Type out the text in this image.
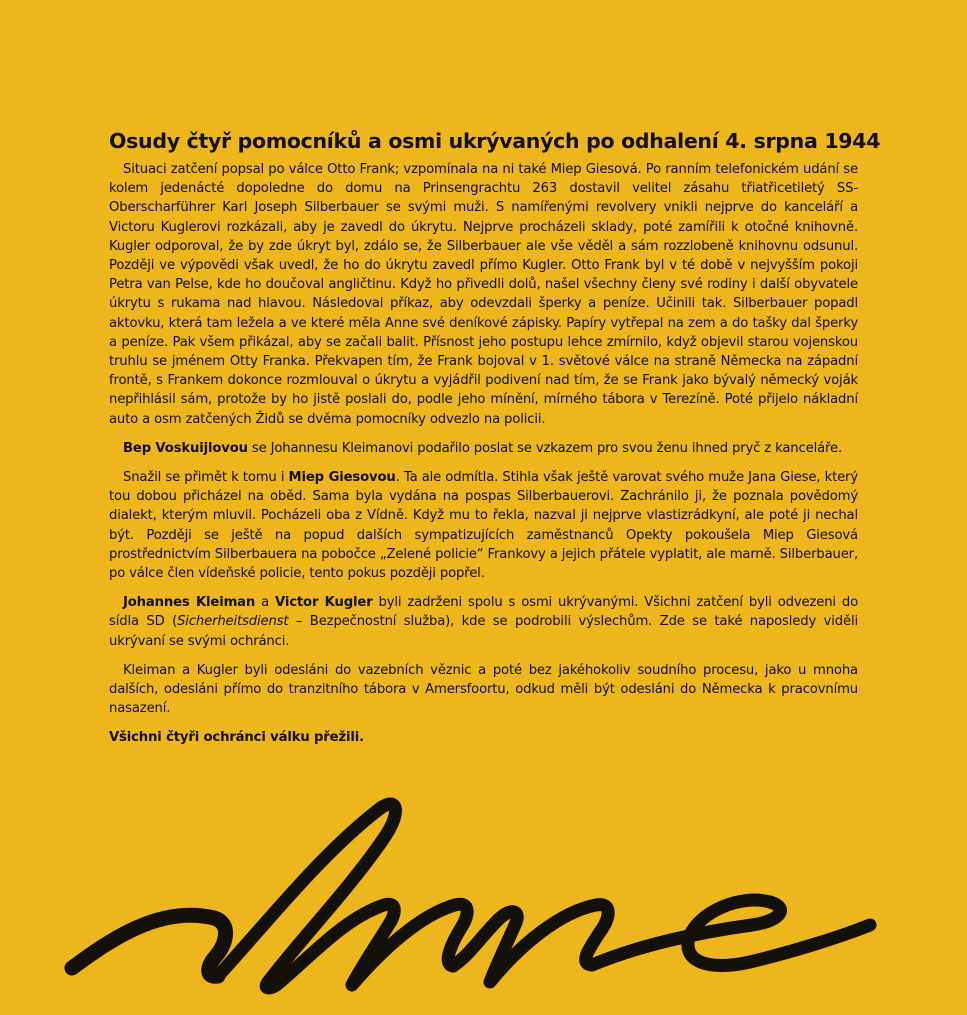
Osudy čtyř pomocníků a osmi ukrývaných po odhalení 4. srpna 1944

Situaci zatčení popsal po válce Otto Frank; vzpomínala na ni také Miep Giesová. Po ranním telefonickém udání se kolem jedenácté dopoledne do domu na Prinsengrachtu 263 dostavil velitel zásahu třiatřicetiletý SS-Oberscharführer Karl Joseph Silberbauer se svými muži. S namířenými revolvery vnikli nejprve do kanceláří a Victoru Kuglerovi rozkázali, aby je zavedl do úkrytu. Nejprve procházeli sklady, poté zamířili k otočné knihovně. Kugler odporoval, že by zde úkryt byl, zdálo se, že Silberbauer ale vše věděl a sám rozzlobeně knihovnu odsunul. Později ve výpovědi však uvedl, že ho do úkrytu zavedl přímo Kugler. Otto Frank byl v té době v nejvyšším pokoji Petra van Pelse, kde ho doučoval angličtinu. Když ho přivedli dolů, našel všechny členy své rodiny i další obyvatele úkrytu s rukama nad hlavou. Následoval příkaz, aby odevzdali šperky a peníze. Učinili tak. Silberbauer popadl aktovku, která tam ležela a ve které měla Anne své deníkové zápisky. Papíry vytřepal na zem a do tašky dal šperky a peníze. Pak všem přikázal, aby se začali balit. Přísnost jeho postupu lehce zmírnilo, když objevil starou vojenskou truhlu se jménem Otty Franka. Překvapen tím, že Frank bojoval v 1. světové válce na straně Německa na západní frontě, s Frankem dokonce rozmlouval o úkrytu a vyjádřil podivení nad tím, že se Frank jako bývalý německý voják nepřihlásil sám, protože by ho jistě poslali do, podle jeho mínění, mírného tábora v Terezíně. Poté přijelo nákladní auto a osm zatčených Židů se dvěma pomocníky odvezlo na policii.

Bep Voskuijlovou se Johannesu Kleimanovi podařilo poslat se vzkazem pro svou ženu ihned pryč z kanceláře.

Snažil se přimět k tomu i Miep Giesovou. Ta ale odmítla. Stihla však ještě varovat svého muže Jana Giese, který tou dobou přicházel na oběd. Sama byla vydána na pospas Silberbauerovi. Zachránilo ji, že poznala povědomý dialekt, kterým mluvil. Pocházeli oba z Vídně. Když mu to řekla, nazval ji nejprve vlastizrádkyní, ale poté ji nechal být. Později se ještě na popud dalších sympatizujících zaměstnanců Opekty pokoušela Miep Giesová prostřednictvím Silberbauera na pobočce „Zelené policie“ Frankovy a jejich přátele vyplatit, ale marně. Silberbauer, po válce člen vídeňské policie, tento pokus později popřel.

Johannes Kleiman a Victor Kugler byli zadrženi spolu s osmi ukrývanými. Všichni zatčení byli odvezeni do sídla SD (Sicherheitsdienst – Bezpečnostní služba), kde se podrobili výslechům. Zde se také naposledy viděli ukrývaní se svými ochránci.

Kleiman a Kugler byli odesláni do vazebních věznic a poté bez jakéhokoliv soudního procesu, jako u mnoha dalších, odesláni přímo do tranzitního tábora v Amersfoortu, odkud měli být odesláni do Německa k pracovnímu nasazení.

Všichni čtyři ochránci válku přežili.
